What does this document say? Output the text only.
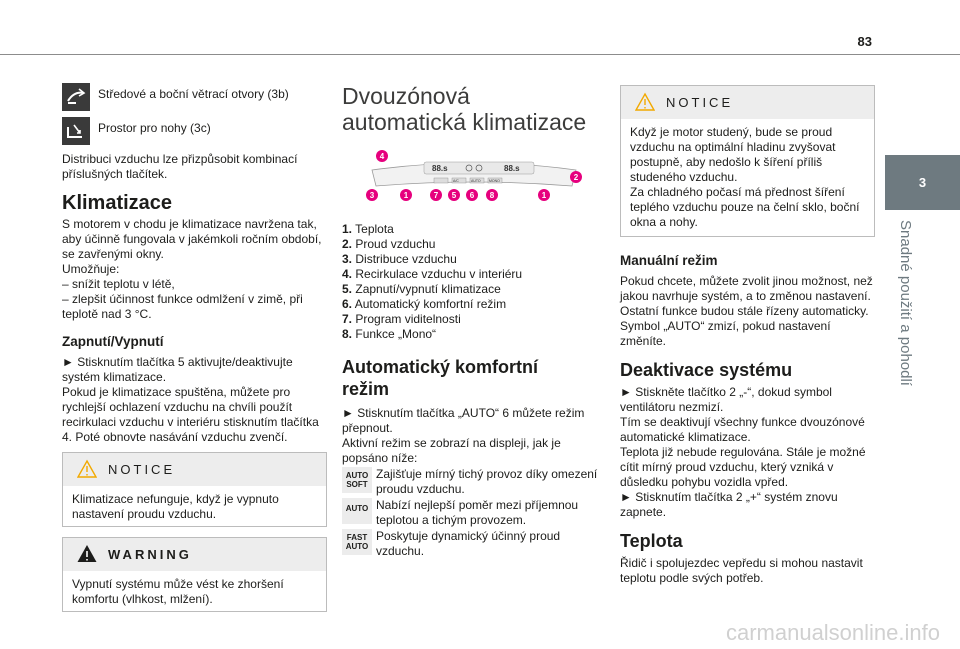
83
3
Snadné použití a pohodlí

Středové a boční větrací otvory (3b)

Prostor pro nohy (3c)

Distribuci vzduchu lze přizpůsobit kombinací příslušných tlačítek.

Klimatizace

S motorem v chodu je klimatizace navržena tak, aby účinně fungovala v jakémkoli ročním období, se zavřenými okny.

Umožňuje:

– snížit teplotu v létě,

– zlepšit účinnost funkce odmlžení v zimě, při teplotě nad 3 °C.

Zapnutí/Vypnutí

► Stisknutím tlačítka 5 aktivujte/deaktivujte systém klimatizace.

Pokud je klimatizace spuštěna, můžete pro rychlejší ochlazení vzduchu na chvíli použít recirkulaci vzduchu v interiéru stisknutím tlačítka 4. Poté obnovte nasávání vzduchu zvenčí.

NOTICE
Klimatizace nefunguje, když je vypnuto nastavení proudu vzduchu.
WARNING
Vypnutí systému může vést ke zhoršení komfortu (vlhkost, mlžení).
Dvouzónová automatická klimatizace
88.s	88.s
A/C	AUTO MONO
4
2
3	1	7 5 6 8	1
1. Teplota
2. Proud vzduchu
3. Distribuce vzduchu
4. Recirkulace vzduchu v interiéru
5. Zapnutí/vypnutí klimatizace
6. Automatický komfortní režim
7. Program viditelnosti
8. Funkce „Mono“
Automatický komfortní režim

► Stisknutím tlačítka „AUTO“ 6 můžete režim přepnout.

Aktivní režim se zobrazí na displeji, jak je popsáno níže:

AUTO SOFT

Zajišťuje mírný tichý provoz díky omezení proudu vzduchu.

AUTO Nabízí nejlepší poměr mezi příjemnou teplotou a tichým provozem.

FAST AUTO

Poskytuje dynamický účinný proud vzduchu.

NOTICE
Když je motor studený, bude se proud vzduchu na optimální hladinu zvyšovat postupně, aby nedošlo k šíření příliš studeného vzduchu.
Za chladného počasí má přednost šíření teplého vzduchu pouze na čelní sklo, boční okna a nohy.
Manuální režim

Pokud chcete, můžete zvolit jinou možnost, než jakou navrhuje systém, a to změnou nastavení. Ostatní funkce budou stále řízeny automaticky. Symbol „AUTO“ zmizí, pokud nastavení změníte.

Deaktivace systému

► Stiskněte tlačítko 2 „-“, dokud symbol ventilátoru nezmizí.

Tím se deaktivují všechny funkce dvouzónové automatické klimatizace.

Teplota již nebude regulována. Stále je možné cítit mírný proud vzduchu, který vzniká v důsledku pohybu vozidla vpřed.

► Stisknutím tlačítka 2 „+“ systém znovu zapnete.

Teplota

Řidič i spolujezdec vepředu si mohou nastavit teplotu podle svých potřeb.

carmanualsonline.info
